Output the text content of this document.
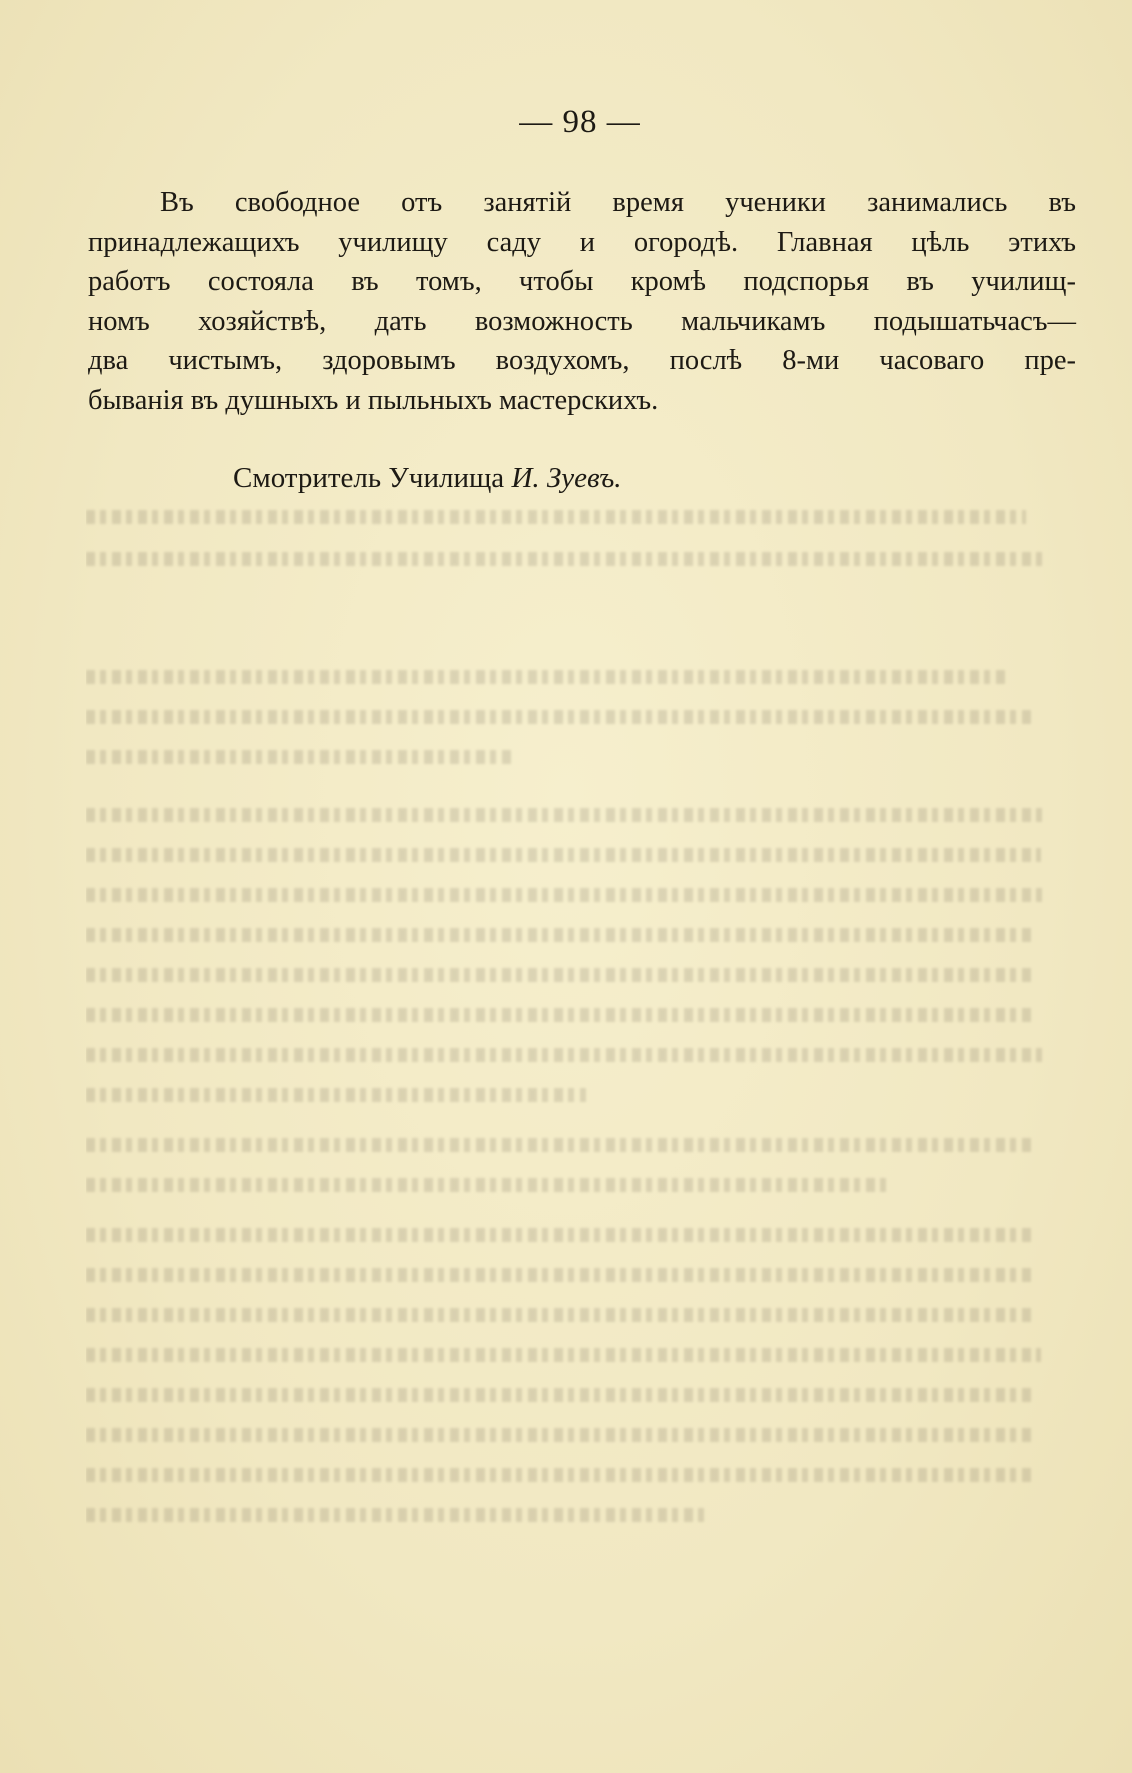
— 98 —
Въ свободное отъ занятій время ученики занимались въ
принадлежащихъ училищу саду и огородѣ. Главная цѣль этихъ
работъ состояла въ томъ, чтобы кромѣ подспорья въ училищ-
номъ хозяйствѣ, дать возможность мальчикамъ подышатьчасъ—
два чистымъ, здоровымъ воздухомъ, послѣ 8-ми часоваго пре-
быванія въ душныхъ и пыльныхъ мастерскихъ.
Смотритель Училища И. Зуевъ.
